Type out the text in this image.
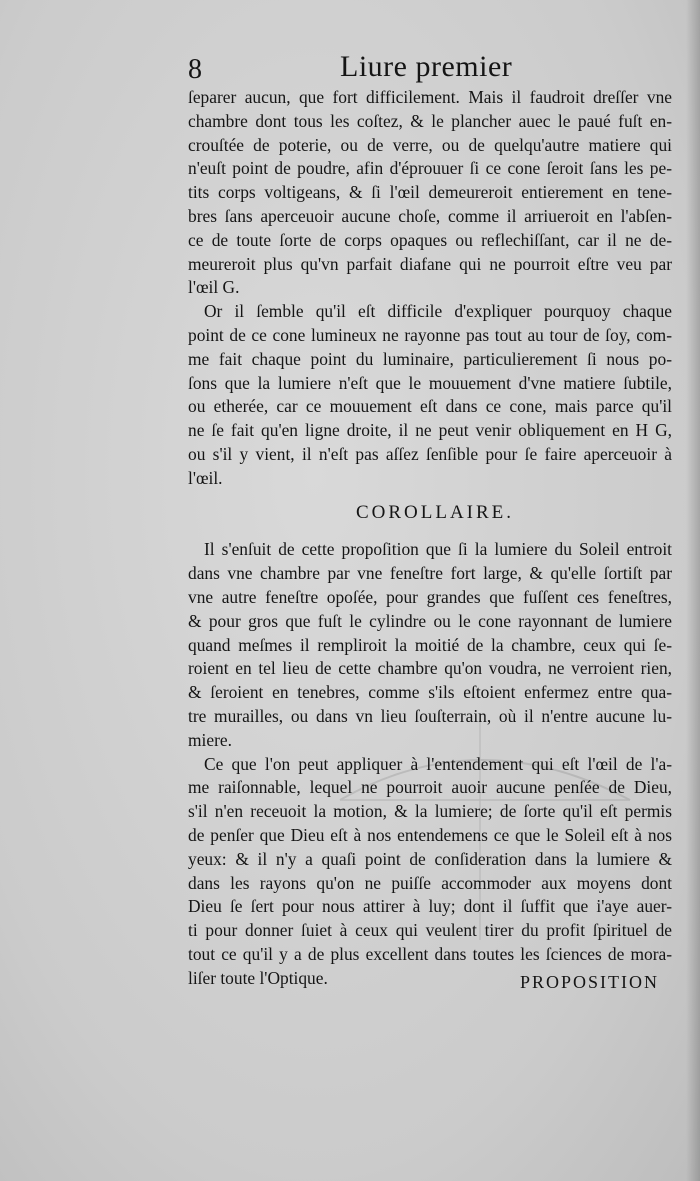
8	Liure premier
ſeparer aucun, que fort difficilement. Mais il faudroit dreſſer vne
chambre dont tous les coſtez, & le plancher auec le paué fuſt en-
crouſtée de poterie, ou de verre, ou de quelqu'autre matiere qui
n'euſt point de poudre, afin d'éprouuer ſi ce cone ſeroit ſans les pe-
tits corps voltigeans, & ſi l'œil demeureroit entierement en tene-
bres ſans aperceuoir aucune choſe, comme il arriueroit en l'abſen-
ce de toute ſorte de corps opaques ou reflechiſſant, car il ne de-
meureroit plus qu'vn parfait diafane qui ne pourroit eſtre veu par
l'œil G.
Or il ſemble qu'il eſt difficile d'expliquer pourquoy chaque
point de ce cone lumineux ne rayonne pas tout au tour de ſoy, com-
me fait chaque point du luminaire, particulierement ſi nous po-
ſons que la lumiere n'eſt que le mouuement d'vne matiere ſubtile,
ou etherée, car ce mouuement eſt dans ce cone, mais parce qu'il
ne ſe fait qu'en ligne droite, il ne peut venir obliquement en H G,
ou s'il y vient, il n'eſt pas aſſez ſenſible pour ſe faire aperceuoir à
l'œil.
COROLLAIRE.
Il s'enſuit de cette propoſition que ſi la lumiere du Soleil entroit
dans vne chambre par vne feneſtre fort large, & qu'elle ſortiſt par
vne autre feneſtre opoſée, pour grandes que fuſſent ces feneſtres,
& pour gros que fuſt le cylindre ou le cone rayonnant de lumiere
quand meſmes il rempliroit la moitié de la chambre, ceux qui ſe-
roient en tel lieu de cette chambre qu'on voudra, ne verroient rien,
& ſeroient en tenebres, comme s'ils eſtoient enfermez entre qua-
tre murailles, ou dans vn lieu ſouſterrain, où il n'entre aucune lu-
miere.
Ce que l'on peut appliquer à l'entendement qui eſt l'œil de l'a-
me raiſonnable, lequel ne pourroit auoir aucune penſée de Dieu,
s'il n'en receuoit la motion, & la lumiere; de ſorte qu'il eſt permis
de penſer que Dieu eſt à nos entendemens ce que le Soleil eſt à nos
yeux: & il n'y a quaſi point de conſideration dans la lumiere &
dans les rayons qu'on ne puiſſe accommoder aux moyens dont
Dieu ſe ſert pour nous attirer à luy; dont il ſuffit que i'aye auer-
ti pour donner ſuiet à ceux qui veulent tirer du profit ſpirituel de
tout ce qu'il y a de plus excellent dans toutes les ſciences de mora-
liſer toute l'Optique.	PROPOSITION
